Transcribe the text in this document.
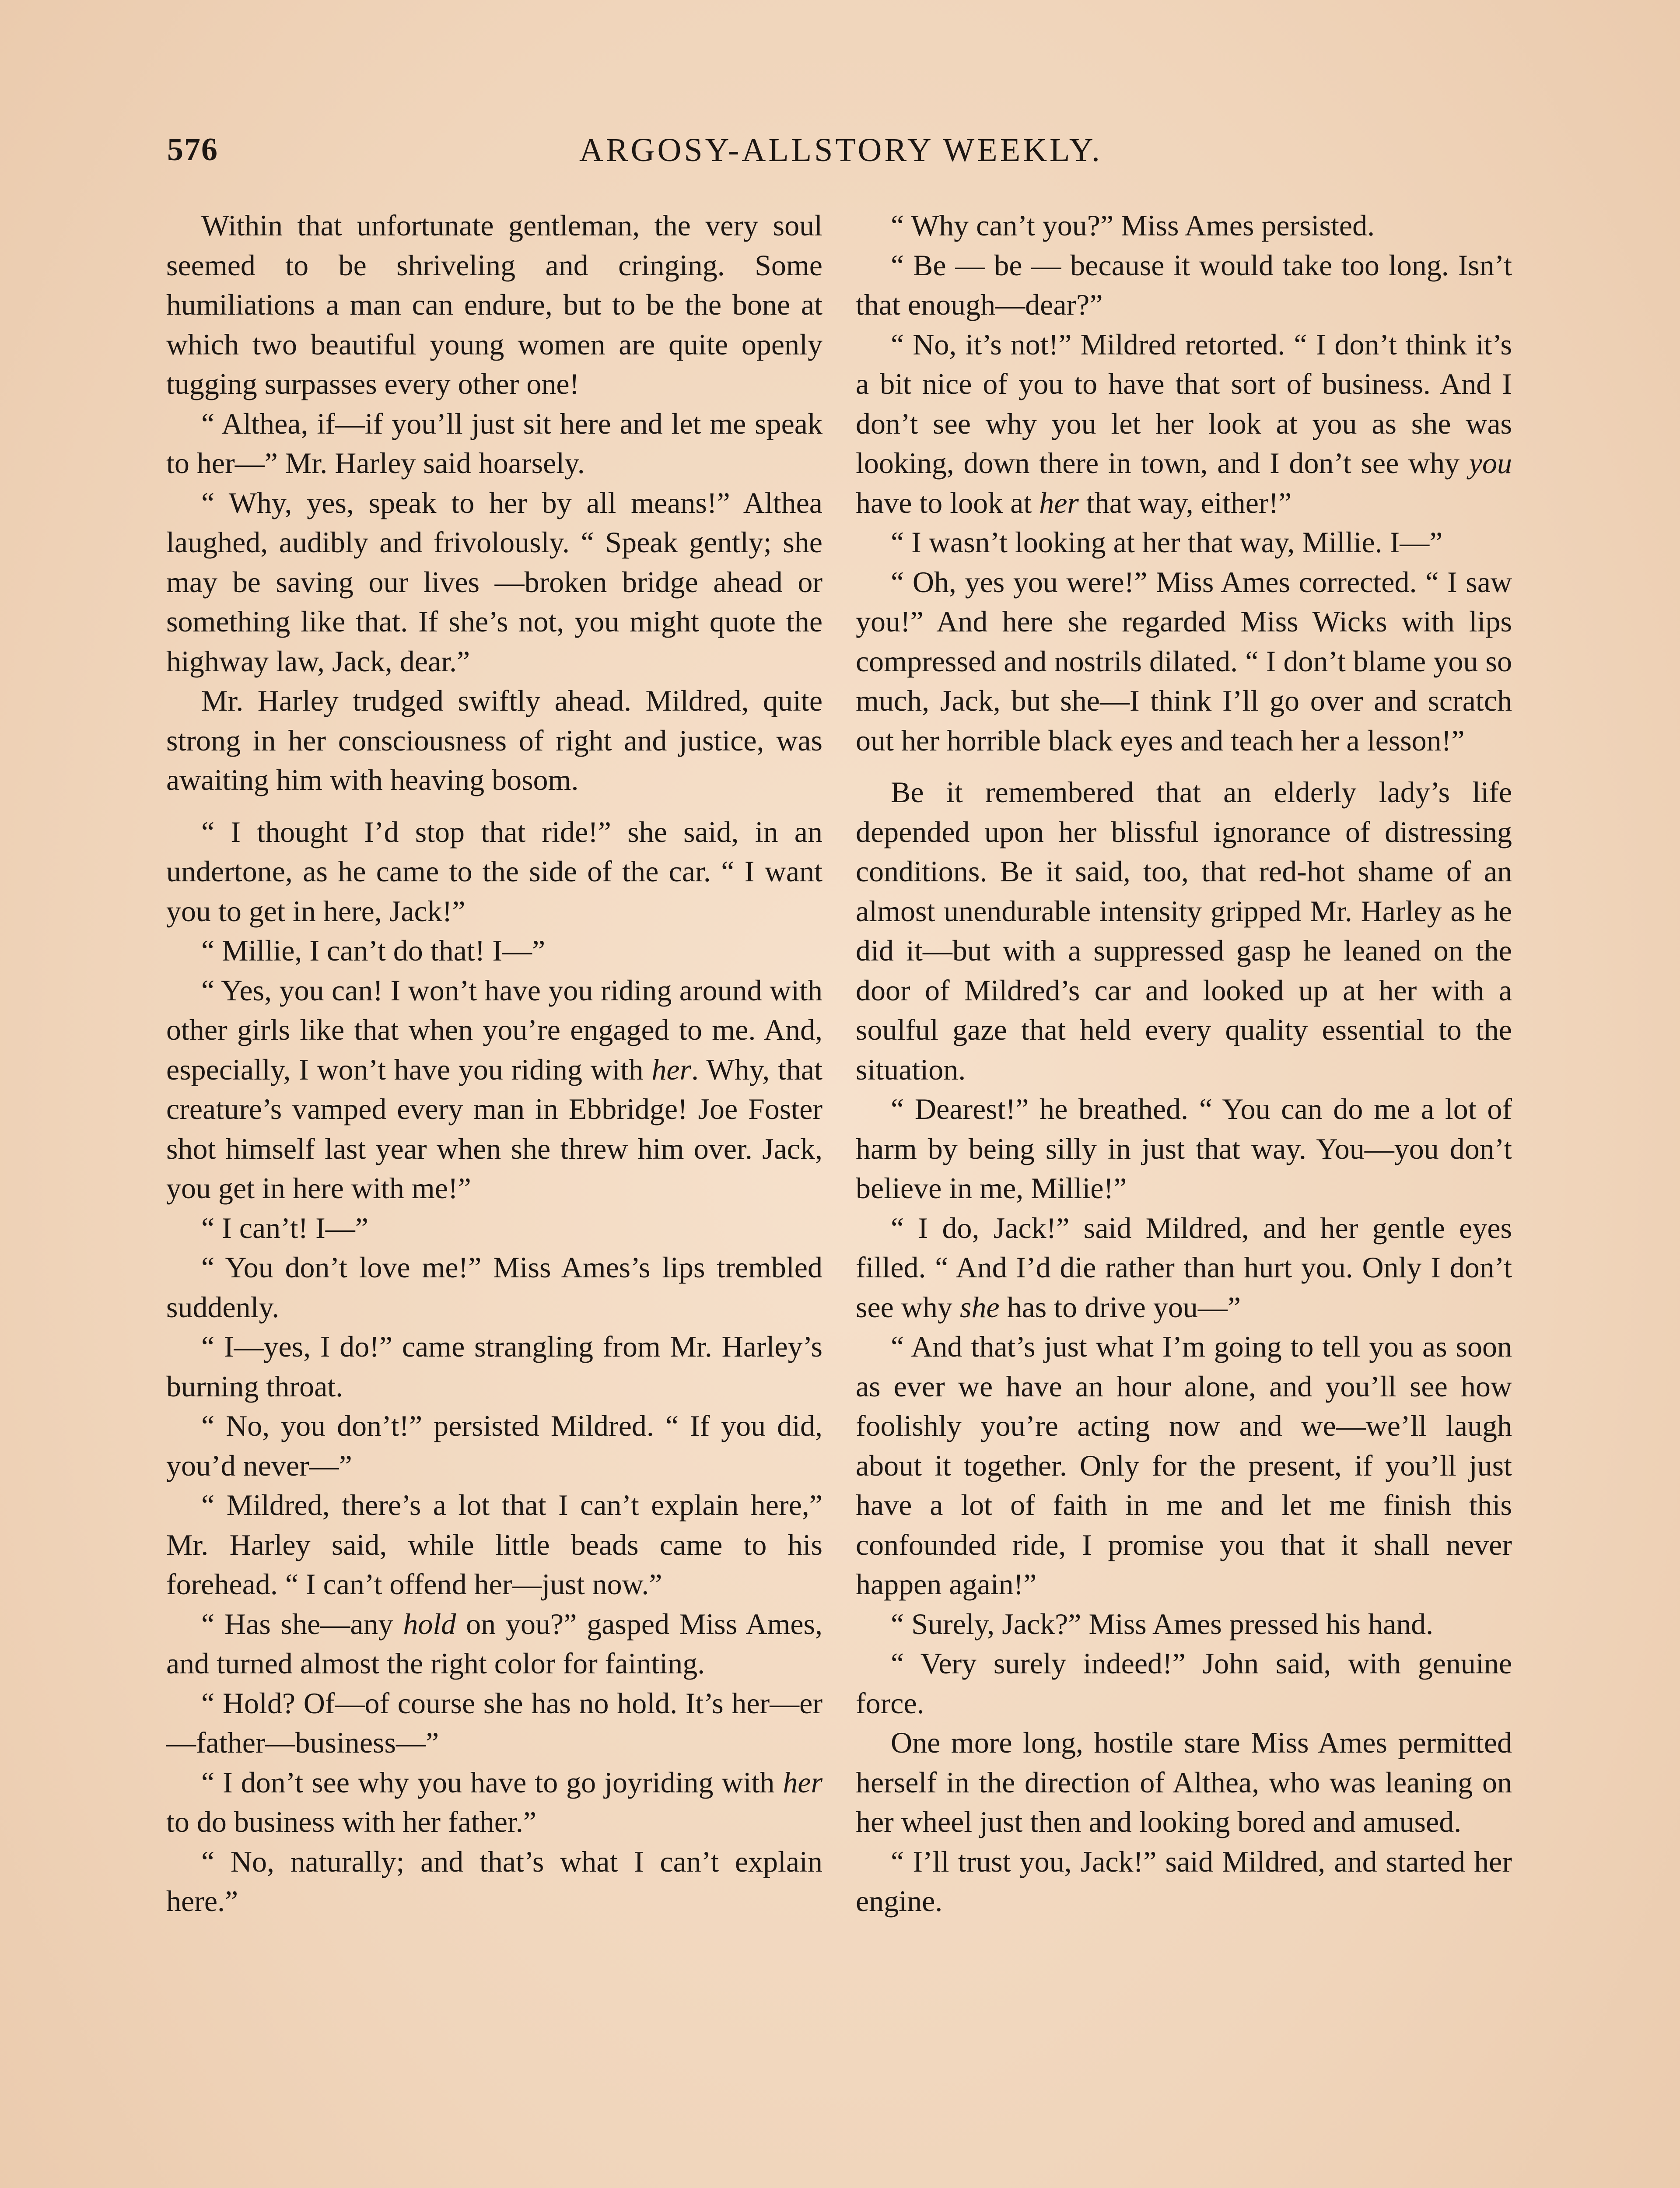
576	ARGOSY-ALLSTORY WEEKLY.

Within that unfortunate gentleman, the very soul seemed to be shriveling and cringing. Some humiliations a man can endure, but to be the bone at which two beautiful young women are quite openly tugging surpasses every other one!

“ Althea, if—if you’ll just sit here and let me speak to her—” Mr. Harley said hoarsely.

“ Why, yes, speak to her by all means!” Althea laughed, audibly and frivolously. “ Speak gently; she may be saving our lives —broken bridge ahead or something like that. If she’s not, you might quote the highway law, Jack, dear.”

Mr. Harley trudged swiftly ahead. Mildred, quite strong in her consciousness of right and justice, was awaiting him with heaving bosom.

“ I thought I’d stop that ride!” she said, in an undertone, as he came to the side of the car. “ I want you to get in here, Jack!”

“ Millie, I can’t do that! I—”

“ Yes, you can! I won’t have you riding around with other girls like that when you’re engaged to me. And, especially, I won’t have you riding with her. Why, that creature’s vamped every man in Ebbridge! Joe Foster shot himself last year when she threw him over. Jack, you get in here with me!”

“ I can’t! I—”

“ You don’t love me!” Miss Ames’s lips trembled suddenly.

“ I—yes, I do!” came strangling from Mr. Harley’s burning throat.

“ No, you don’t!” persisted Mildred. “ If you did, you’d never—”

“ Mildred, there’s a lot that I can’t explain here,” Mr. Harley said, while little beads came to his forehead. “ I can’t offend her—just now.”

“ Has she—any hold on you?” gasped Miss Ames, and turned almost the right color for fainting.

“ Hold? Of—of course she has no hold. It’s her—er—father—business—”

“ I don’t see why you have to go joyriding with her to do business with her father.”

“ No, naturally; and that’s what I can’t explain here.”

“ Why can’t you?” Miss Ames persisted.

“ Be — be — because it would take too long. Isn’t that enough—dear?”

“ No, it’s not!” Mildred retorted. “ I don’t think it’s a bit nice of you to have that sort of business. And I don’t see why you let her look at you as she was looking, down there in town, and I don’t see why you have to look at her that way, either!”

“ I wasn’t looking at her that way, Millie. I—”

“ Oh, yes you were!” Miss Ames corrected. “ I saw you!” And here she regarded Miss Wicks with lips compressed and nostrils dilated. “ I don’t blame you so much, Jack, but she—I think I’ll go over and scratch out her horrible black eyes and teach her a lesson!”

Be it remembered that an elderly lady’s life depended upon her blissful ignorance of distressing conditions. Be it said, too, that red-hot shame of an almost unendurable intensity gripped Mr. Harley as he did it—but with a suppressed gasp he leaned on the door of Mildred’s car and looked up at her with a soulful gaze that held every quality essential to the situation.

“ Dearest!” he breathed. “ You can do me a lot of harm by being silly in just that way. You—you don’t believe in me, Millie!”

“ I do, Jack!” said Mildred, and her gentle eyes filled. “ And I’d die rather than hurt you. Only I don’t see why she has to drive you—”

“ And that’s just what I’m going to tell you as soon as ever we have an hour alone, and you’ll see how foolishly you’re acting now and we—we’ll laugh about it together. Only for the present, if you’ll just have a lot of faith in me and let me finish this confounded ride, I promise you that it shall never happen again!”

“ Surely, Jack?” Miss Ames pressed his hand.

“ Very surely indeed!” John said, with genuine force.

One more long, hostile stare Miss Ames permitted herself in the direction of Althea, who was leaning on her wheel just then and looking bored and amused.

“ I’ll trust you, Jack!” said Mildred, and started her engine.
